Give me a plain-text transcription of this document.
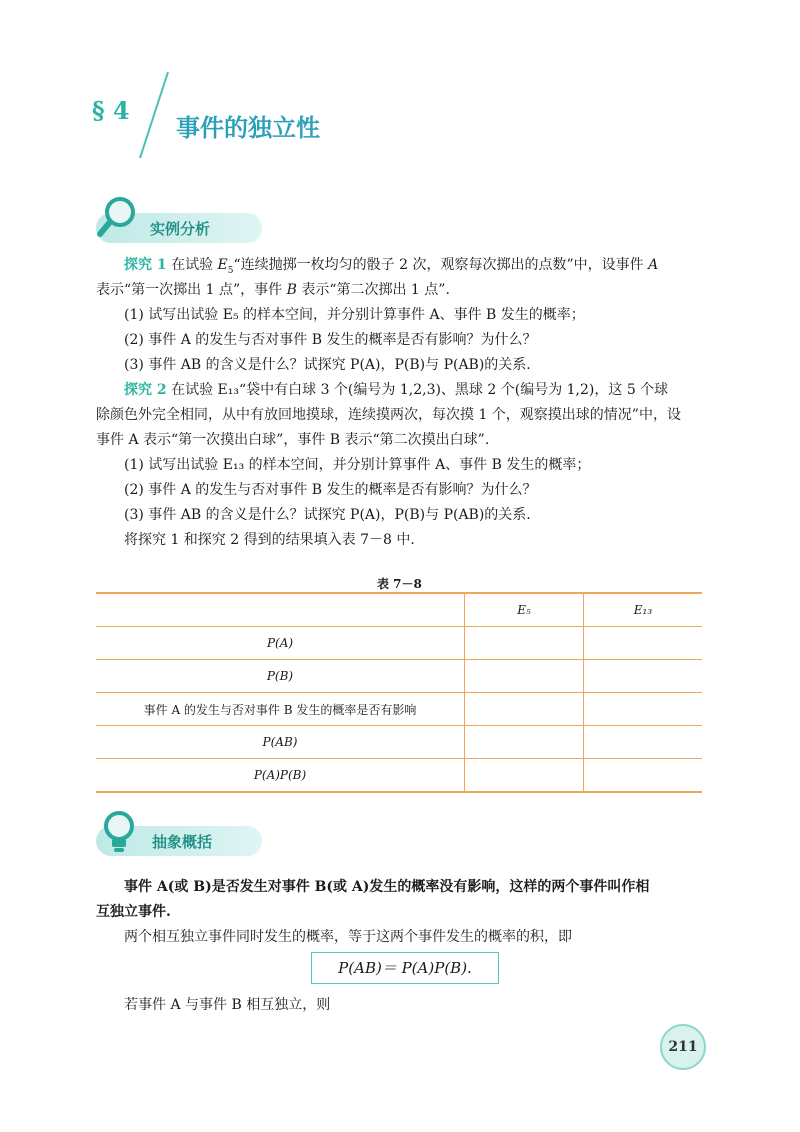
§ 4
事件的独立性
实例分析
探究 1 在试验 $E_5“$连续抛掷一枚均匀的骰子 2 次，观察每次掷出的点数”中，设事件 A
表示“第一次掷出 1 点”，事件 B 表示“第二次掷出 1 点”.
(1) 试写出试验 E₅ 的样本空间，并分别计算事件 A、事件 B 发生的概率；
(2) 事件 A 的发生与否对事件 B 发生的概率是否有影响？为什么？
(3) 事件 AB 的含义是什么？试探究 P(A)，P(B)与 P(AB)的关系.
探究 2 在试验 E₁₃“袋中有白球 3 个(编号为 1,2,3)、黑球 2 个(编号为 1,2)，这 5 个球
除颜色外完全相同，从中有放回地摸球，连续摸两次，每次摸 1 个，观察摸出球的情况”中，设
事件 A 表示“第一次摸出白球”，事件 B 表示“第二次摸出白球”.
(1) 试写出试验 E₁₃ 的样本空间，并分别计算事件 A、事件 B 发生的概率；
(2) 事件 A 的发生与否对事件 B 发生的概率是否有影响？为什么？
(3) 事件 AB 的含义是什么？试探究 P(A)，P(B)与 P(AB)的关系.
将探究 1 和探究 2 得到的结果填入表 7－8 中.
表 7－8
	E₅	E₁₃
P(A)		
P(B)		
事件 A 的发生与否对事件 B 发生的概率是否有影响		
P(AB)		
P(A)P(B)		
抽象概括
事件 A(或 B)是否发生对事件 B(或 A)发生的概率没有影响，这样的两个事件叫作相
互独立事件.
两个相互独立事件同时发生的概率，等于这两个事件发生的概率的积，即
P(AB)＝ P(A)P(B).
若事件 A 与事件 B 相互独立，则
211
